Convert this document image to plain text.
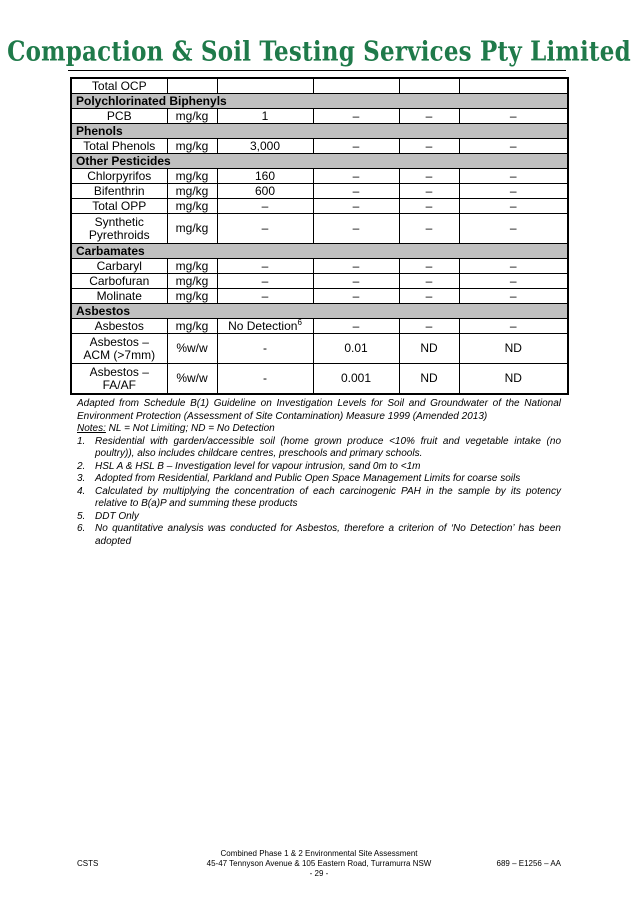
Compaction & Soil Testing Services Pty Limited
Total OCP					
Polychlorinated Biphenyls					
PCB	mg/kg	1	–	–	–
Phenols					
Total Phenols	mg/kg	3,000	–	–	–
Other Pesticides					
Chlorpyrifos	mg/kg	160	–	–	–
Bifenthrin	mg/kg	600	–	–	–
Total OPP	mg/kg	–	–	–	–
Synthetic Pyrethroids	mg/kg	–	–	–	–
Carbamates					
Carbaryl	mg/kg	–	–	–	–
Carbofuran	mg/kg	–	–	–	–
Molinate	mg/kg	–	–	–	–
Asbestos					
Asbestos	mg/kg	No Detection$^6$	–	–	–
Asbestos – ACM (>7mm)	%w/w	-	0.01	ND	ND
Asbestos – FA/AF	%w/w	-	0.001	ND	ND

Adapted from Schedule B(1) Guideline on Investigation Levels for Soil and Groundwater of the National Environment Protection (Assessment of Site Contamination) Measure 1999 (Amended 2013)

Notes: NL = Not Limiting; ND = No Detection

1. Residential with garden/accessible soil (home grown produce <10% fruit and vegetable intake (no poultry)), also includes childcare centres, preschools and primary schools.
2. HSL A & HSL B – Investigation level for vapour intrusion, sand 0m to <1m
3. Adopted from Residential, Parkland and Public Open Space Management Limits for coarse soils
4. Calculated by multiplying the concentration of each carcinogenic PAH in the sample by its potency relative to B(a)P and summing these products
5. DDT Only
6. No quantitative analysis was conducted for Asbestos, therefore a criterion of ‘No Detection’ has been adopted
CSTS
Combined Phase 1 & 2 Environmental Site Assessment
45-47 Tennyson Avenue & 105 Eastern Road, Turramurra NSW
- 29 -
689 – E1256 – AA
